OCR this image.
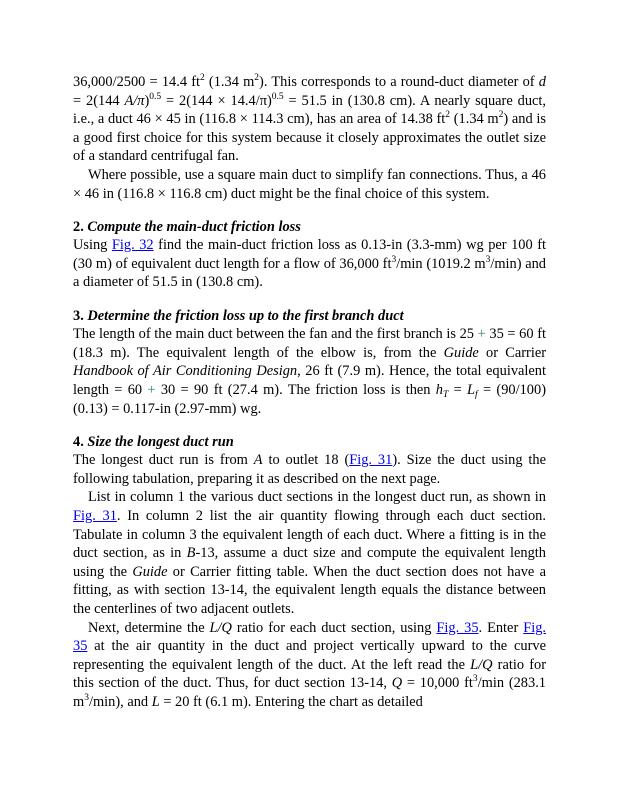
36,000/2500 = 14.4 $ft^2$ (1.34 $m^2$). This corresponds to a round-duct diameter of d = 2(144 $A/\pi)^{0.5} = 2(144 \times 14.4/\pi)^{0.5} = 51.5$ in (130.8 cm). A nearly square duct, i.e., a duct 46 × 45 in (116.8 × 114.3 cm), has an area of 14.38 $ft^2$ (1.34 $m^2$) and is a good first choice for this system because it closely approximates the outlet size of a standard centrifugal fan.

Where possible, use a square main duct to simplify fan connections. Thus, a 46 × 46 in (116.8 × 116.8 cm) duct might be the final choice of this system.

2. Compute the main-duct friction loss

Using Fig. 32 find the main-duct friction loss as 0.13-in (3.3-mm) wg per 100 ft (30 m) of equivalent duct length for a flow of 36,000 $ft^3/\min$ (1019.2 $m^3/\min$) and a diameter of 51.5 in (130.8 cm).

3. Determine the friction loss up to the first branch duct

The length of the main duct between the fan and the first branch is 25 + 35 = 60 ft (18.3 m). The equivalent length of the elbow is, from the Guide or Carrier Handbook of Air Conditioning Design, 26 ft (7.9 m). Hence, the total equivalent length = 60 + 30 = 90 ft (27.4 m). The friction loss is then $h_T = L_f = (90/100)(0.13) = 0.117-in$ (2.97-mm) wg.

4. Size the longest duct run

The longest duct run is from A to outlet 18 (Fig. 31). Size the duct using the following tabulation, preparing it as described on the next page.

List in column 1 the various duct sections in the longest duct run, as shown in Fig. 31. In column 2 list the air quantity flowing through each duct section. Tabulate in column 3 the equivalent length of each duct. Where a fitting is in the duct section, as in B-13, assume a duct size and compute the equivalent length using the Guide or Carrier fitting table. When the duct section does not have a fitting, as with section 13-14, the equivalent length equals the distance between the centerlines of two adjacent outlets.

Next, determine the L/Q ratio for each duct section, using Fig. 35. Enter Fig. 35 at the air quantity in the duct and project vertically upward to the curve representing the equivalent length of the duct. At the left read the L/Q ratio for this section of the duct. Thus, for duct section 13-14, Q = 10,000 $ft^3/\min$ (283.1 $m^3/\min$), and L = 20 ft (6.1 m). Entering the chart as detailed
